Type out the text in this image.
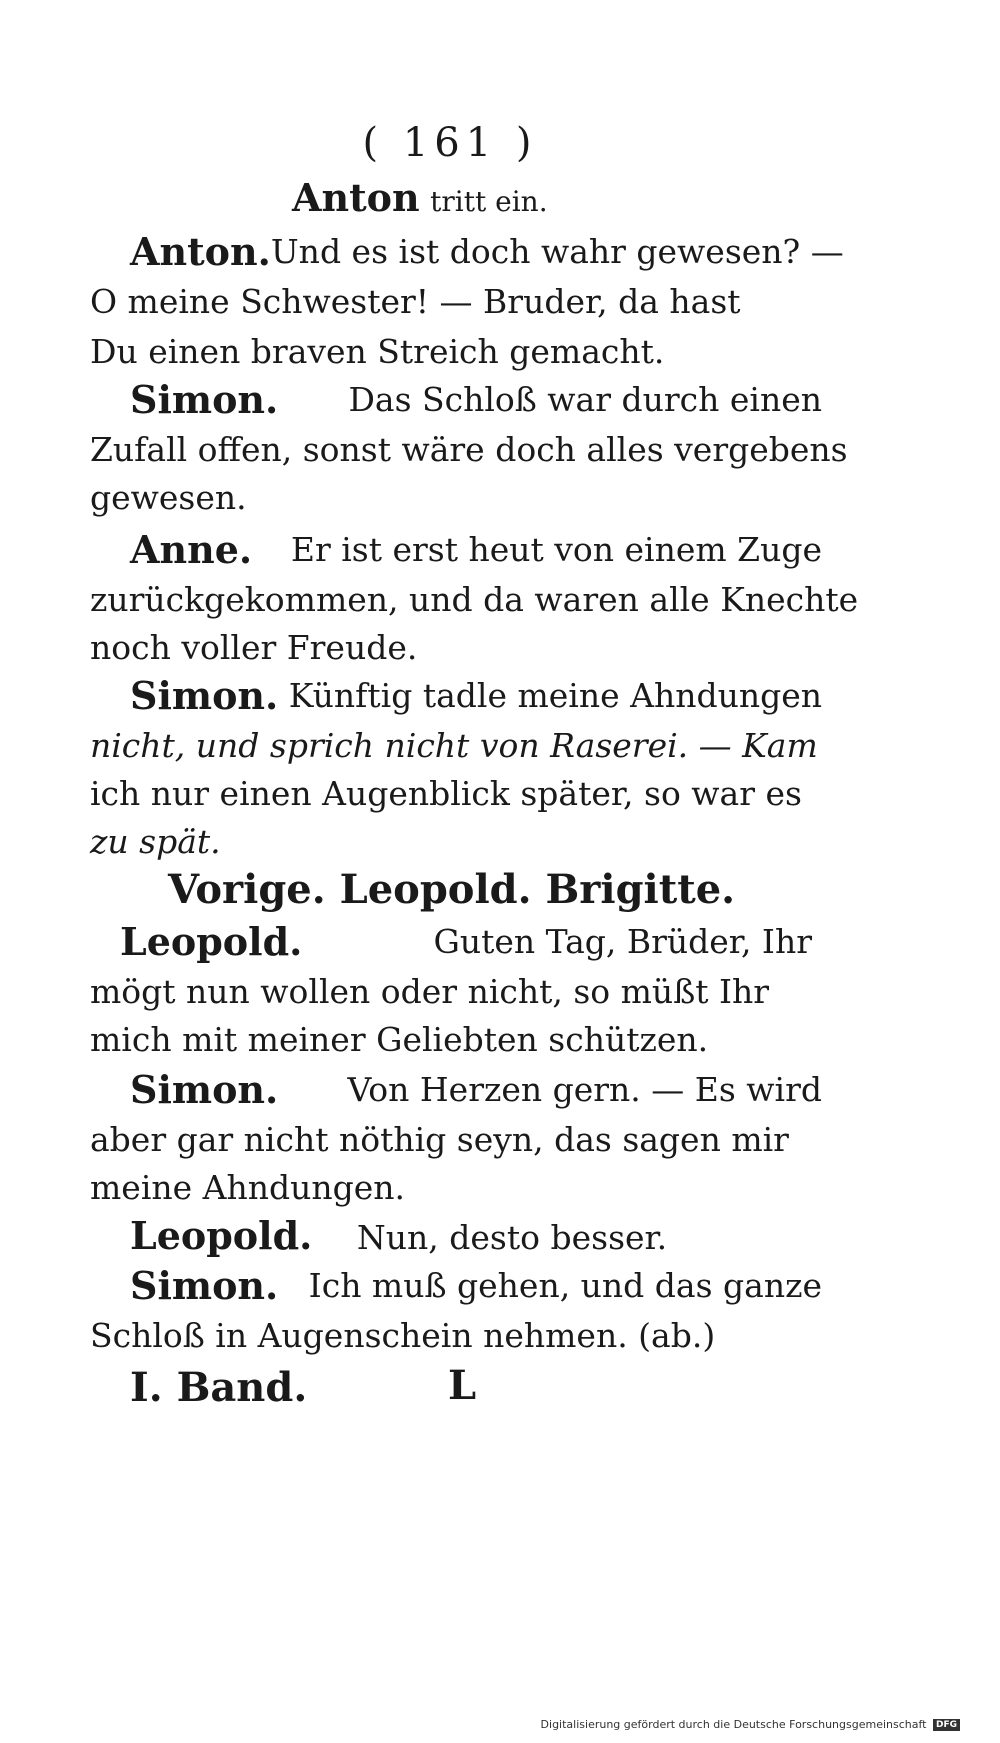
( 161 )
Anton tritt ein.
Anton. Und es ist doch wahr gewesen? —
O meine Schwester! — Bruder, da hast
Du einen braven Streich gemacht.
Simon. Das Schloß war durch einen
Zufall offen, sonst wäre doch alles vergebens
gewesen.
Anne. Er ist erst heut von einem Zuge
zurückgekommen, und da waren alle Knechte
noch voller Freude.
Simon. Künftig tadle meine Ahndungen
nicht, und sprich nicht von Raserei. — Kam
ich nur einen Augenblick später, so war es
zu spät.
Vorige. Leopold. Brigitte.
Leopold.	Guten Tag, Brüder, Ihr
mögt nun wollen oder nicht, so müßt Ihr
mich mit meiner Geliebten schützen.
Simon. Von Herzen gern. — Es wird
aber gar nicht nöthig seyn, das sagen mir
meine Ahndungen.
Leopold. Nun, desto besser.
Simon. Ich muß gehen, und das ganze
Schloß in Augenschein nehmen. (ab.)
I. Band.	L
Digitalisierung gefördert durch die Deutsche Forschungsgemeinschaft DFG
